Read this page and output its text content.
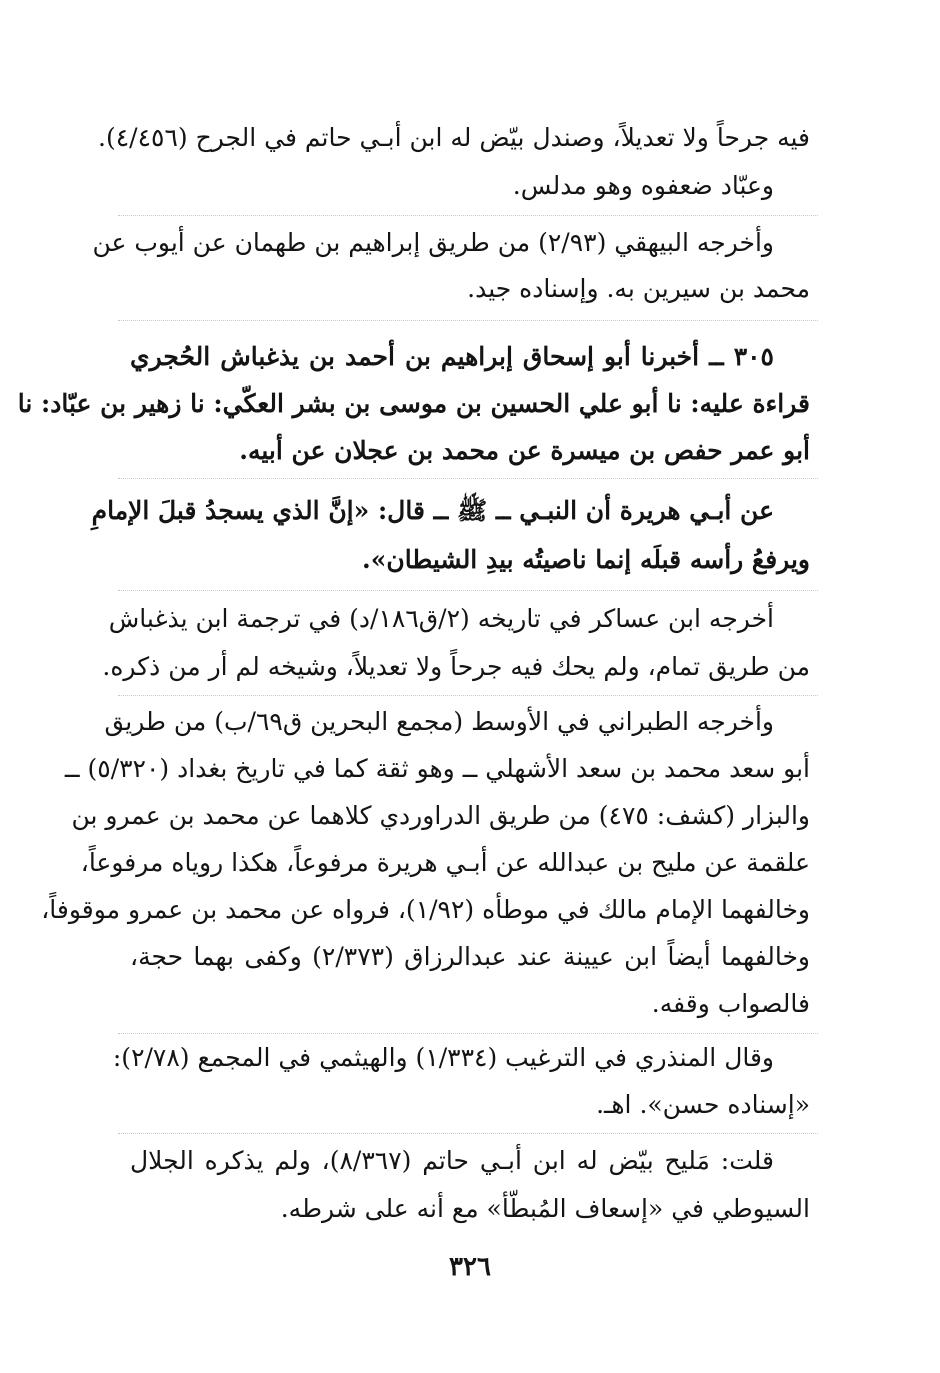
فيه جرحاً ولا تعديلاً، وصندل بيّض له ابن أبـي حاتم في الجرح (٤/٤٥٦).
وعبّاد ضعفوه وهو مدلس.
وأخرجه البيهقي (٢/٩٣) من طريق إبراهيم بن طهمان عن أيوب عن
محمد بن سيرين به. وإسناده جيد.
٣٠٥ ــ أخبرنا أبو إسحاق إبراهيم بن أحمد بن يذغباش الحُجري
قراءة عليه: نا أبو علي الحسين بن موسى بن بشر العكّي: نا زهير بن عبّاد: نا
أبو عمر حفص بن ميسرة عن محمد بن عجلان عن أبيه.
عن أبـي هريرة أن النبـي ــ ﷺ ــ قال: «إنَّ الذي يسجدُ قبلَ الإمامِ
ويرفعُ رأسه قبلَه إنما ناصيتُه بيدِ الشيطان».
أخرجه ابن عساكر في تاريخه (٢/ق١٨٦/د) في ترجمة ابن يذغباش
من طريق تمام، ولم يحك فيه جرحاً ولا تعديلاً، وشيخه لم أر من ذكره.
وأخرجه الطبراني في الأوسط (مجمع البحرين ق٦٩/ب) من طريق
أبو سعد محمد بن سعد الأشهلي ــ وهو ثقة كما في تاريخ بغداد (٥/٣٢٠) ــ
والبزار (كشف: ٤٧٥) من طريق الدراوردي كلاهما عن محمد بن عمرو بن
علقمة عن مليح بن عبدالله عن أبـي هريرة مرفوعاً، هكذا روياه مرفوعاً،
وخالفهما الإمام مالك في موطأه (١/٩٢)، فرواه عن محمد بن عمرو موقوفاً،
وخالفهما أيضاً ابن عيينة عند عبدالرزاق (٢/٣٧٣) وكفى بهما حجة،
فالصواب وقفه.
وقال المنذري في الترغيب (١/٣٣٤) والهيثمي في المجمع (٢/٧٨):
«إسناده حسن». اهـ.
قلت: مَليح بيّض له ابن أبـي حاتم (٨/٣٦٧)، ولم يذكره الجلال
السيوطي في «إسعاف المُبطّأ» مع أنه على شرطه.
٣٢٦
